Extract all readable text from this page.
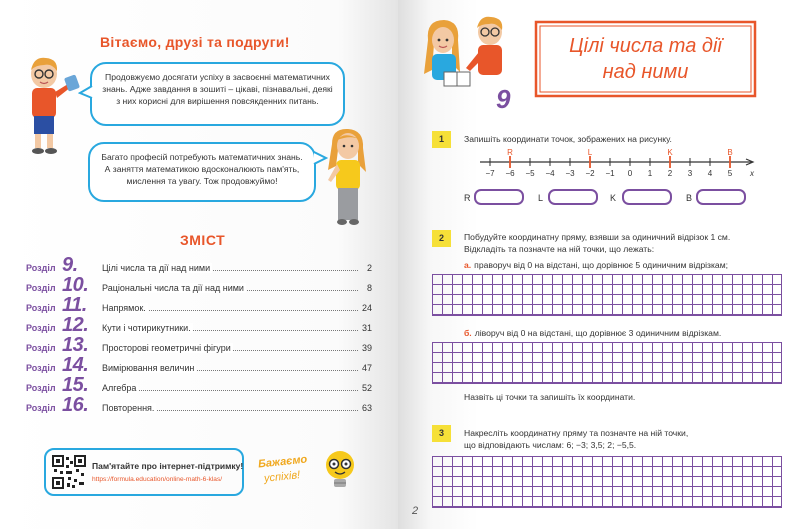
Вітаємо, друзі та подруги!
Продовжуємо досягати успіху в засвоєнні математичних знань. Адже завдання в зошиті – цікаві, пізнавальні, деякі з них корисні для вирішення повсякденних питань.
Багато професій потребують математичних знань. А заняття математикою вдосконалюють пам'ять, мислення та увагу. Тож продовжуймо!
ЗМІСТ
Розділ 9.	Цілі числа та дії над ними	2
Розділ 10. Раціональні числа та дії над ними	8
Розділ 11. Напрямок.	24
Розділ 12. Кути і чотирикутники.	31
Розділ 13. Просторові геометричні фігури	39
Розділ 14. Вимірювання величин	47
Розділ 15. Алгебра	52
Розділ 16. Повторення.	63
Пам'ятайте про інтернет-підтримку!
https://formula.education/online-math-6-klas/
Бажаємо
успіхів!
Цілі числа та дії
над ними
9
1	Запишіть координати точок, зображених на рисунку.
−7 −6 −5 −4 −3 −2 −1 0 1 2 3 4 5 x
R	L	K	B
R	L	K	B
2	Побудуйте координатну пряму, взявши за одиничний відрізок 1 см.
Відкладіть та позначте на ній точки, що лежать:
а. праворуч від 0 на відстані, що дорівнює 5 одиничним відрізкам;
б. ліворуч від 0 на відстані, що дорівнює 3 одиничним відрізкам.
Назвіть ці точки та запишіть їх координати.
3	Накресліть координатну пряму та позначте на ній точки,
що відповідають числам: 6; −3; 3,5; 2; −5,5.
2
